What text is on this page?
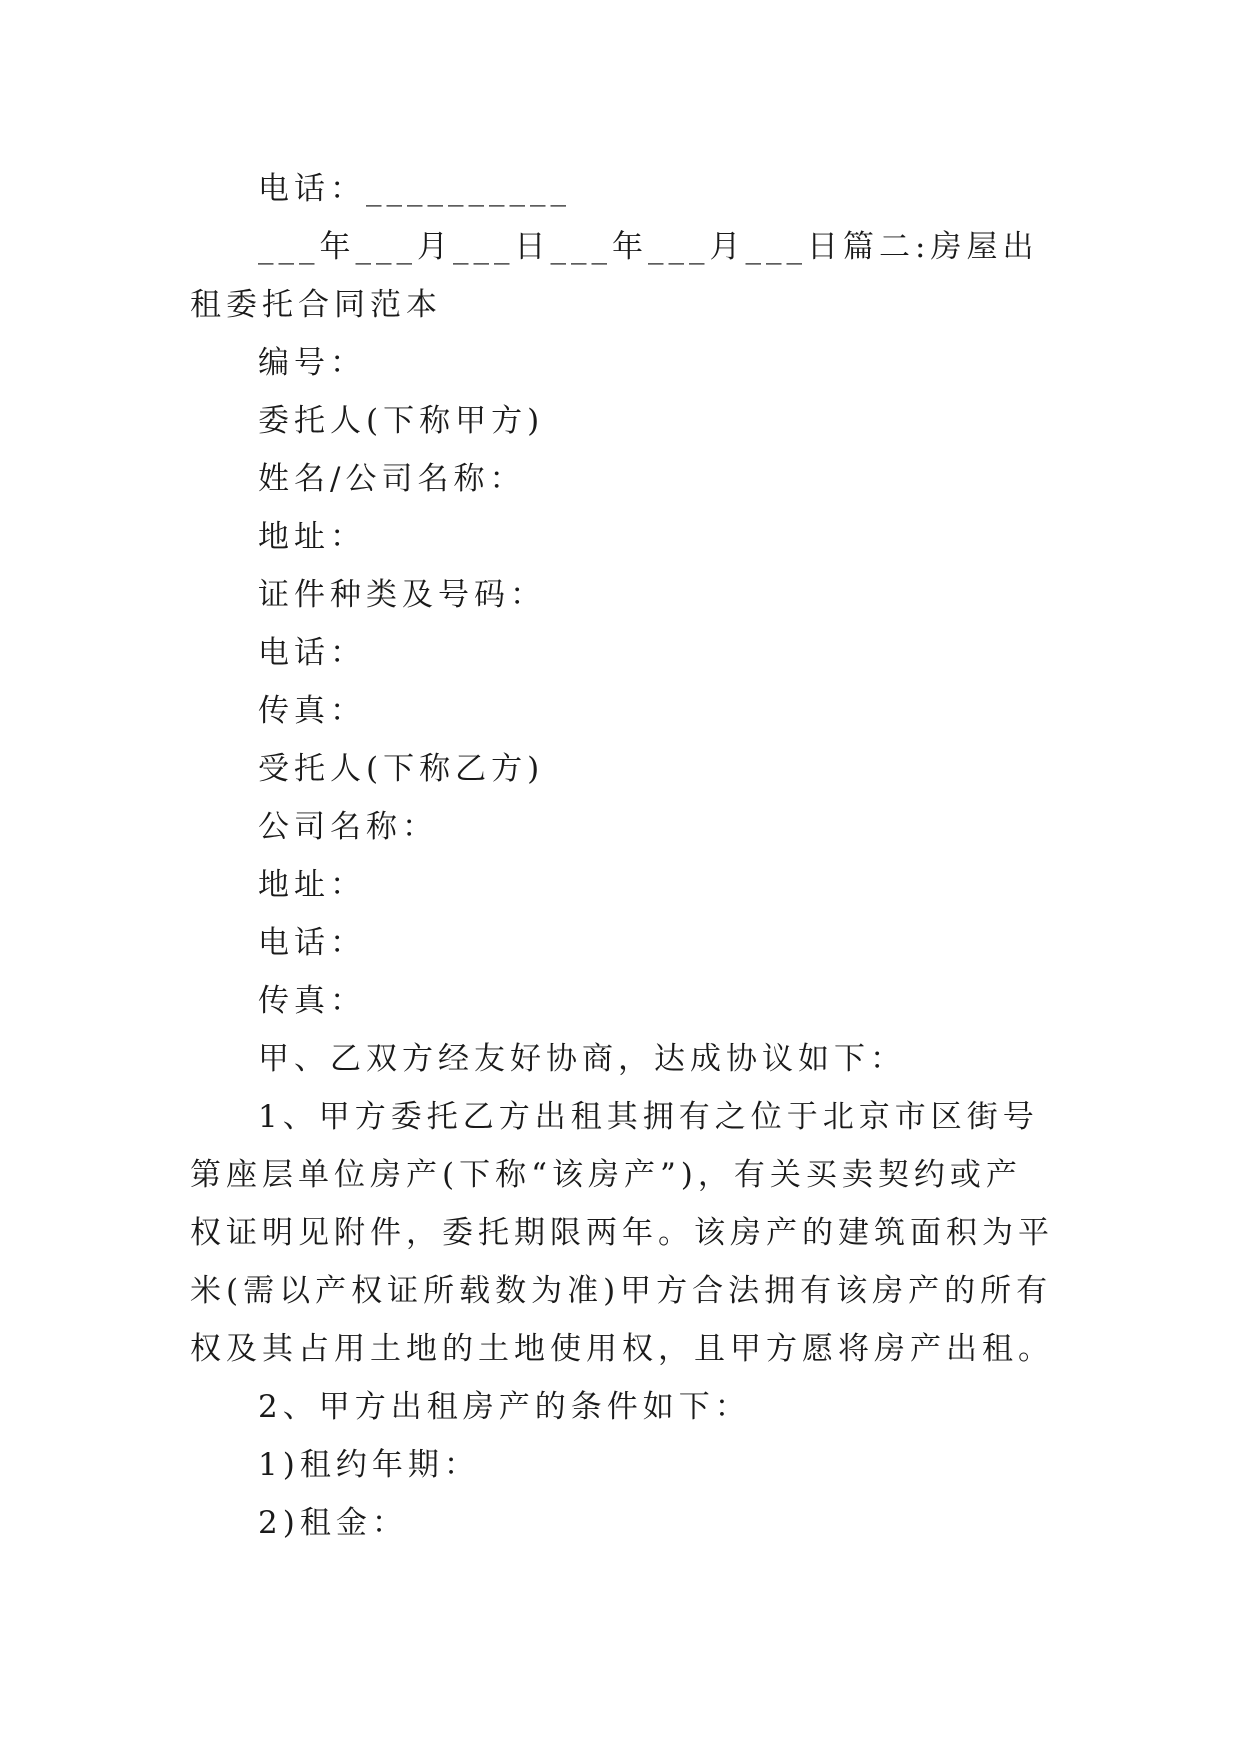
电话：__________

___年___月___日___年___月___日篇二:房屋出租委托合同范本

编号：

委托人(下称甲方)

姓名/公司名称：

地址：

证件种类及号码：

电话：

传真：

受托人(下称乙方)

公司名称：

地址：

电话：

传真：

甲、乙双方经友好协商，达成协议如下：

1、甲方委托乙方出租其拥有之位于北京市区街号第座层单位房产(下称“该房产”)，有关买卖契约或产权证明见附件，委托期限两年。该房产的建筑面积为平米(需以产权证所载数为准)甲方合法拥有该房产的所有权及其占用土地的土地使用权，且甲方愿将房产出租。

2、甲方出租房产的条件如下：

1)租约年期：

2)租金：
